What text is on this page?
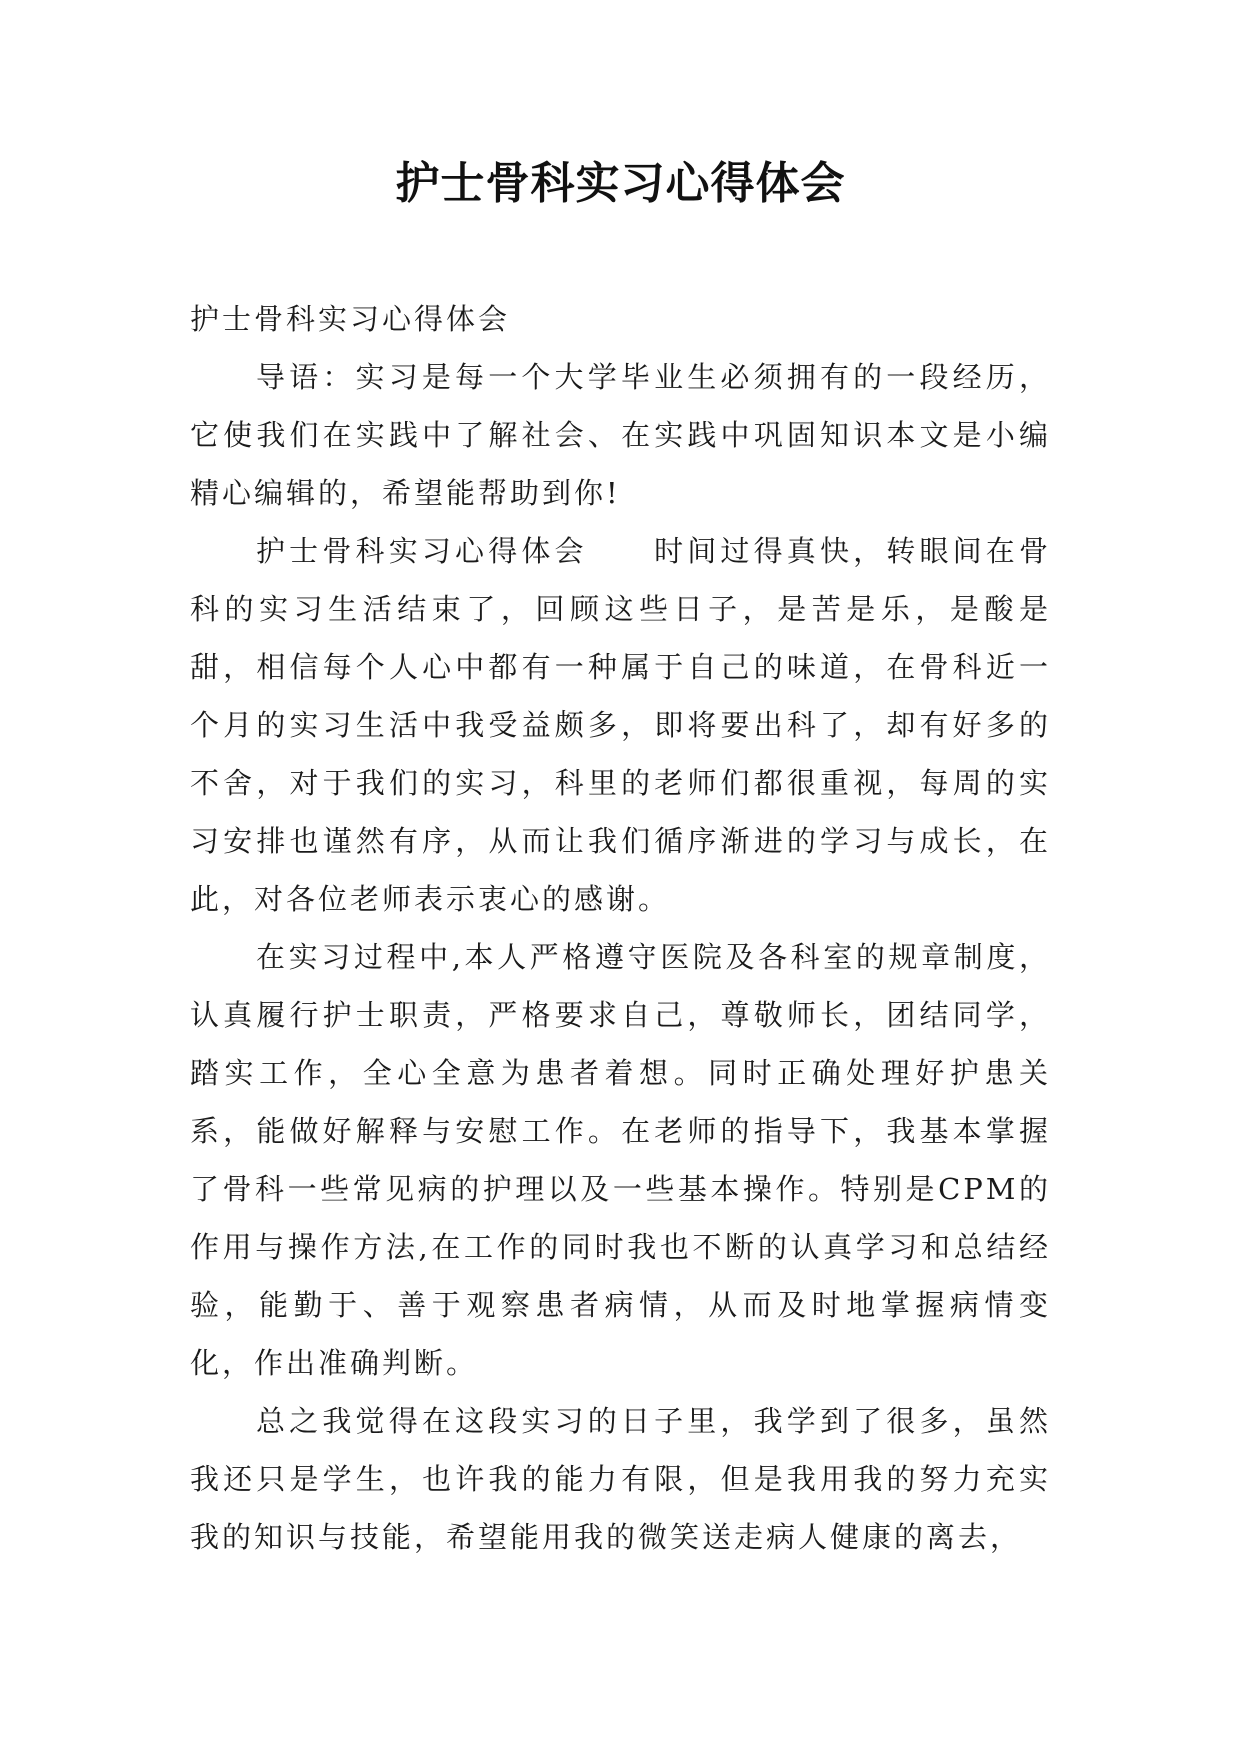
护士骨科实习心得体会

护士骨科实习心得体会

导语：实习是每一个大学毕业生必须拥有的一段经历，它使我们在实践中了解社会、在实践中巩固知识本文是小编精心编辑的，希望能帮助到你!

护士骨科实习心得体会　　时间过得真快，转眼间在骨科的实习生活结束了，回顾这些日子，是苦是乐，是酸是甜，相信每个人心中都有一种属于自己的味道，在骨科近一个月的实习生活中我受益颇多，即将要出科了，却有好多的不舍，对于我们的实习，科里的老师们都很重视，每周的实习安排也谨然有序，从而让我们循序渐进的学习与成长，在此，对各位老师表示衷心的感谢。

在实习过程中,本人严格遵守医院及各科室的规章制度，认真履行护士职责，严格要求自己，尊敬师长，团结同学，踏实工作，全心全意为患者着想。同时正确处理好护患关系，能做好解释与安慰工作。在老师的指导下，我基本掌握了骨科一些常见病的护理以及一些基本操作。特别是CPM的作用与操作方法,在工作的同时我也不断的认真学习和总结经验，能勤于、善于观察患者病情，从而及时地掌握病情变化，作出准确判断。

总之我觉得在这段实习的日子里，我学到了很多，虽然我还只是学生，也许我的能力有限，但是我用我的努力充实我的知识与技能，希望能用我的微笑送走病人健康的离去，
